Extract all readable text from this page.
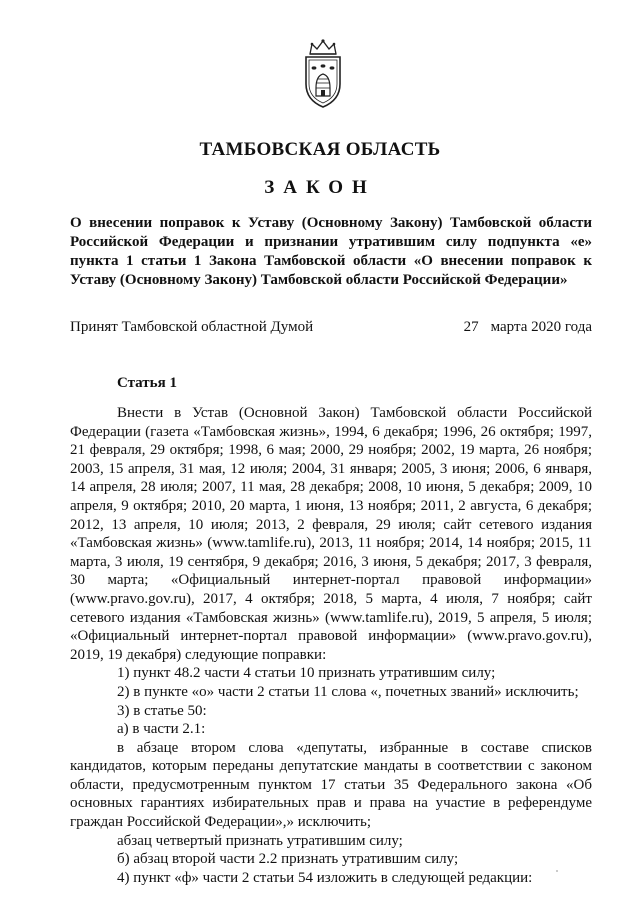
ТАМБОВСКАЯ ОБЛАСТЬ
ЗАКОН
О внесении поправок к Уставу (Основному Закону) Тамбовской области Российской Федерации и признании утратившим силу подпункта «е» пункта 1 статьи 1 Закона Тамбовской области «О внесении поправок к Уставу (Основному Закону) Тамбовской области Российской Федерации»
Принят Тамбовской областной Думой	27 марта 2020 года
Статья 1

Внести в Устав (Основной Закон) Тамбовской области Российской Федерации (газета «Тамбовская жизнь», 1994, 6 декабря; 1996, 26 октября; 1997, 21 февраля, 29 октября; 1998, 6 мая; 2000, 29 ноября; 2002, 19 марта, 26 ноября; 2003, 15 апреля, 31 мая, 12 июля; 2004, 31 января; 2005, 3 июня; 2006, 6 января, 14 апреля, 28 июля; 2007, 11 мая, 28 декабря; 2008, 10 июня, 5 декабря; 2009, 10 апреля, 9 октября; 2010, 20 марта, 1 июня, 13 ноября; 2011, 2 августа, 6 декабря; 2012, 13 апреля, 10 июля; 2013, 2 февраля, 29 июля; сайт сетевого издания «Тамбовская жизнь» (www.tamlife.ru), 2013, 11 ноября; 2014, 14 ноября; 2015, 11 марта, 3 июля, 19 сентября, 9 декабря; 2016, 3 июня, 5 декабря; 2017, 3 февраля, 30 марта; «Официальный интернет-портал правовой информации» (www.pravo.gov.ru), 2017, 4 октября; 2018, 5 марта, 4 июля, 7 ноября; сайт сетевого издания «Тамбовская жизнь» (www.tamlife.ru), 2019, 5 апреля, 5 июля; «Официальный интернет-портал правовой информации» (www.pravo.gov.ru), 2019, 19 декабря) следующие поправки:

1) пункт 48.2 части 4 статьи 10 признать утратившим силу;

2) в пункте «о» части 2 статьи 11 слова «, почетных званий» исключить;

3) в статье 50:

а) в части 2.1:

в абзаце втором слова «депутаты, избранные в составе списков кандидатов, которым переданы депутатские мандаты в соответствии с законом области, предусмотренным пунктом 17 статьи 35 Федерального закона «Об основных гарантиях избирательных прав и права на участие в референдуме граждан Российской Федерации»,» исключить;

абзац четвертый признать утратившим силу;

б) абзац второй части 2.2 признать утратившим силу;

4) пункт «ф» части 2 статьи 54 изложить в следующей редакции:
